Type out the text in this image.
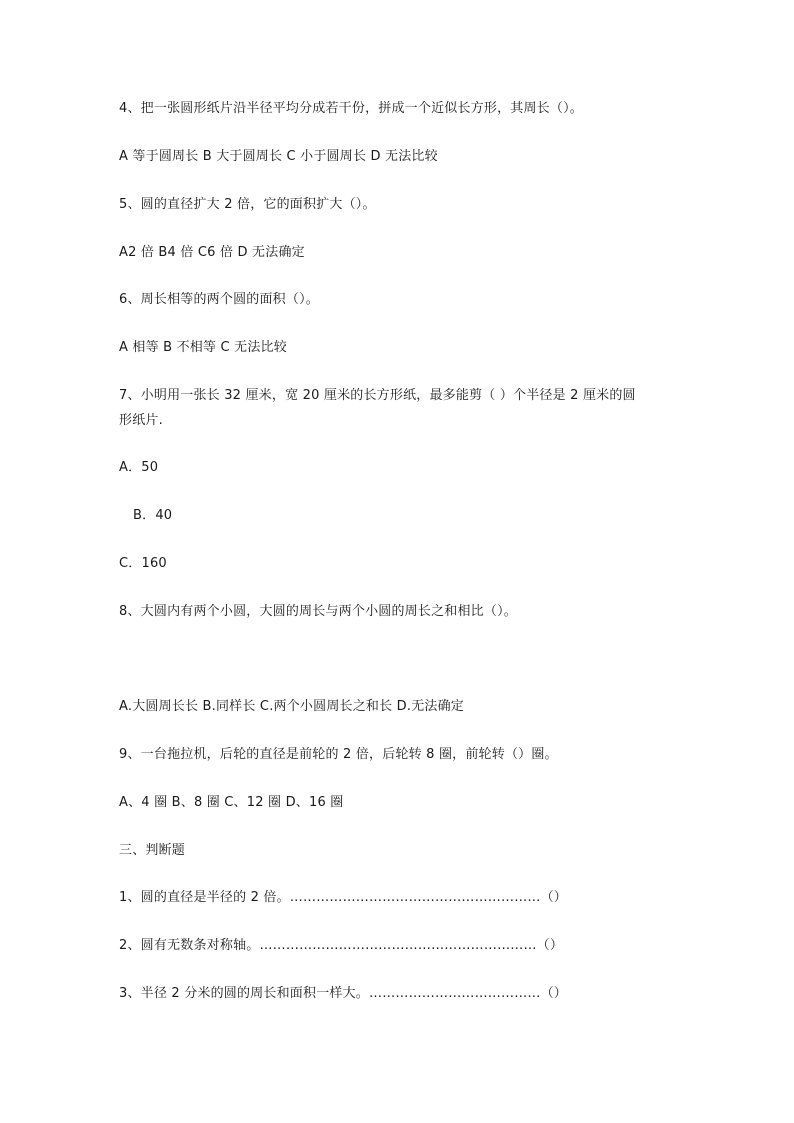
4、把一张圆形纸片沿半径平均分成若干份，拼成一个近似长方形，其周长（）。
A 等于圆周长 B 大于圆周长 C 小于圆周长 D 无法比较
5、圆的直径扩大 2 倍，它的面积扩大（）。
A2 倍 B4 倍 C6 倍 D 无法确定
6、周长相等的两个圆的面积（）。
A 相等 B 不相等 C 无法比较
7、小明用一张长 32 厘米，宽 20 厘米的长方形纸，最多能剪（ ）个半径是 2 厘米的圆
形纸片.
A．50
B．40
C．160
8、大圆内有两个小圆，大圆的周长与两个小圆的周长之和相比（）。
A.大圆周长长 B.同样长 C.两个小圆周长之和长 D.无法确定
9、一台拖拉机，后轮的直径是前轮的 2 倍，后轮转 8 圈，前轮转（）圈。
A、4 圈 B、8 圈 C、12 圈 D、16 圈
三、判断题
1、圆的直径是半径的 2 倍。…………………………………………………（）
2、圆有无数条对称轴。………………………………………………………（）
3、半径 2 分米的圆的周长和面积一样大。…………………………………（）
